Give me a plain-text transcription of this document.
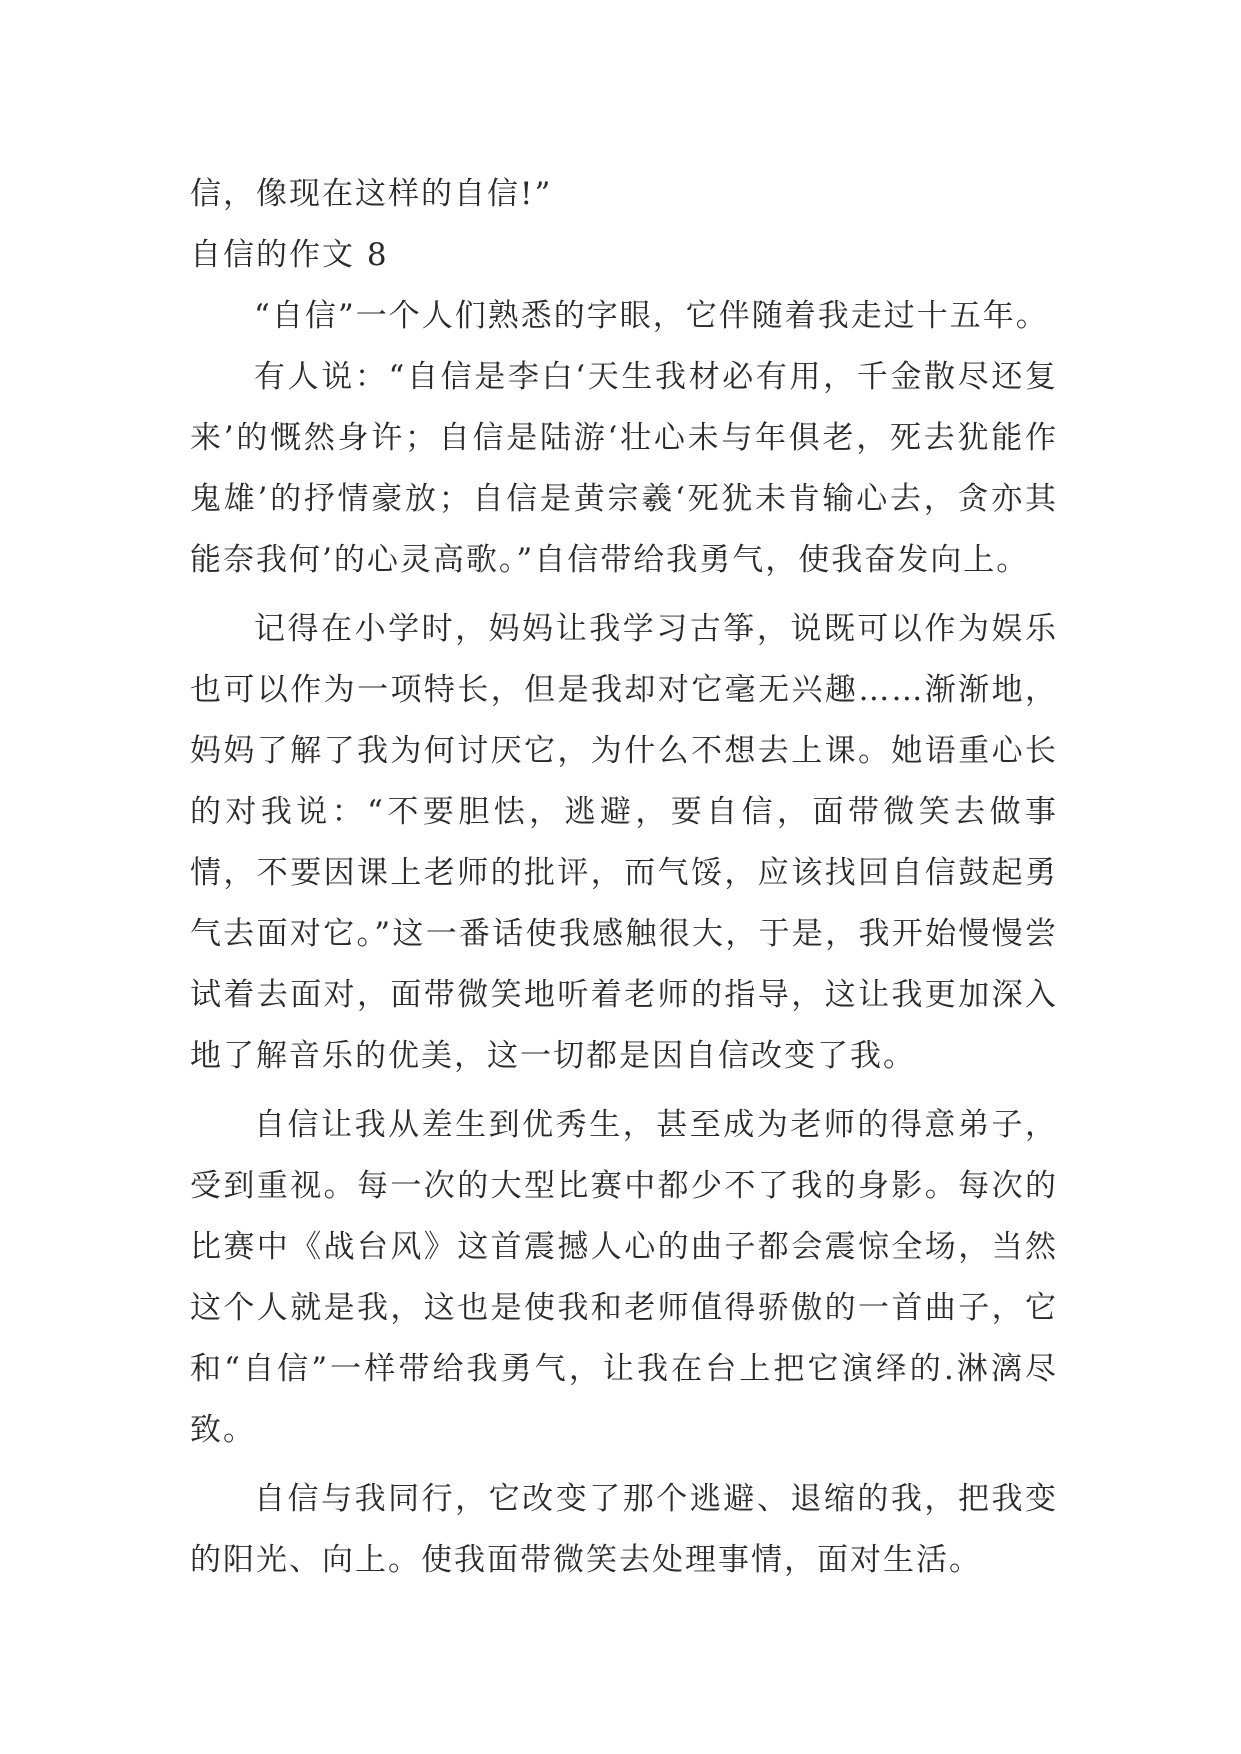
信，像现在这样的自信!”

自信的作文 8

“自信”一个人们熟悉的字眼，它伴随着我走过十五年。

有人说：“自信是李白‘天生我材必有用，千金散尽还复来’的慨然身许；自信是陆游‘壮心未与年俱老，死去犹能作鬼雄’的抒情豪放；自信是黄宗羲‘死犹未肯输心去，贪亦其能奈我何’的心灵高歌。”自信带给我勇气，使我奋发向上。

记得在小学时，妈妈让我学习古筝，说既可以作为娱乐也可以作为一项特长，但是我却对它毫无兴趣……渐渐地，妈妈了解了我为何讨厌它，为什么不想去上课。她语重心长的对我说：“不要胆怯，逃避，要自信，面带微笑去做事情，不要因课上老师的批评，而气馁，应该找回自信鼓起勇气去面对它。”这一番话使我感触很大，于是，我开始慢慢尝试着去面对，面带微笑地听着老师的指导，这让我更加深入地了解音乐的优美，这一切都是因自信改变了我。

自信让我从差生到优秀生，甚至成为老师的得意弟子，受到重视。每一次的大型比赛中都少不了我的身影。每次的比赛中《战台风》这首震撼人心的曲子都会震惊全场，当然这个人就是我，这也是使我和老师值得骄傲的一首曲子，它和“自信”一样带给我勇气，让我在台上把它演绎的.淋漓尽致。

自信与我同行，它改变了那个逃避、退缩的我，把我变的阳光、向上。使我面带微笑去处理事情，面对生活。
